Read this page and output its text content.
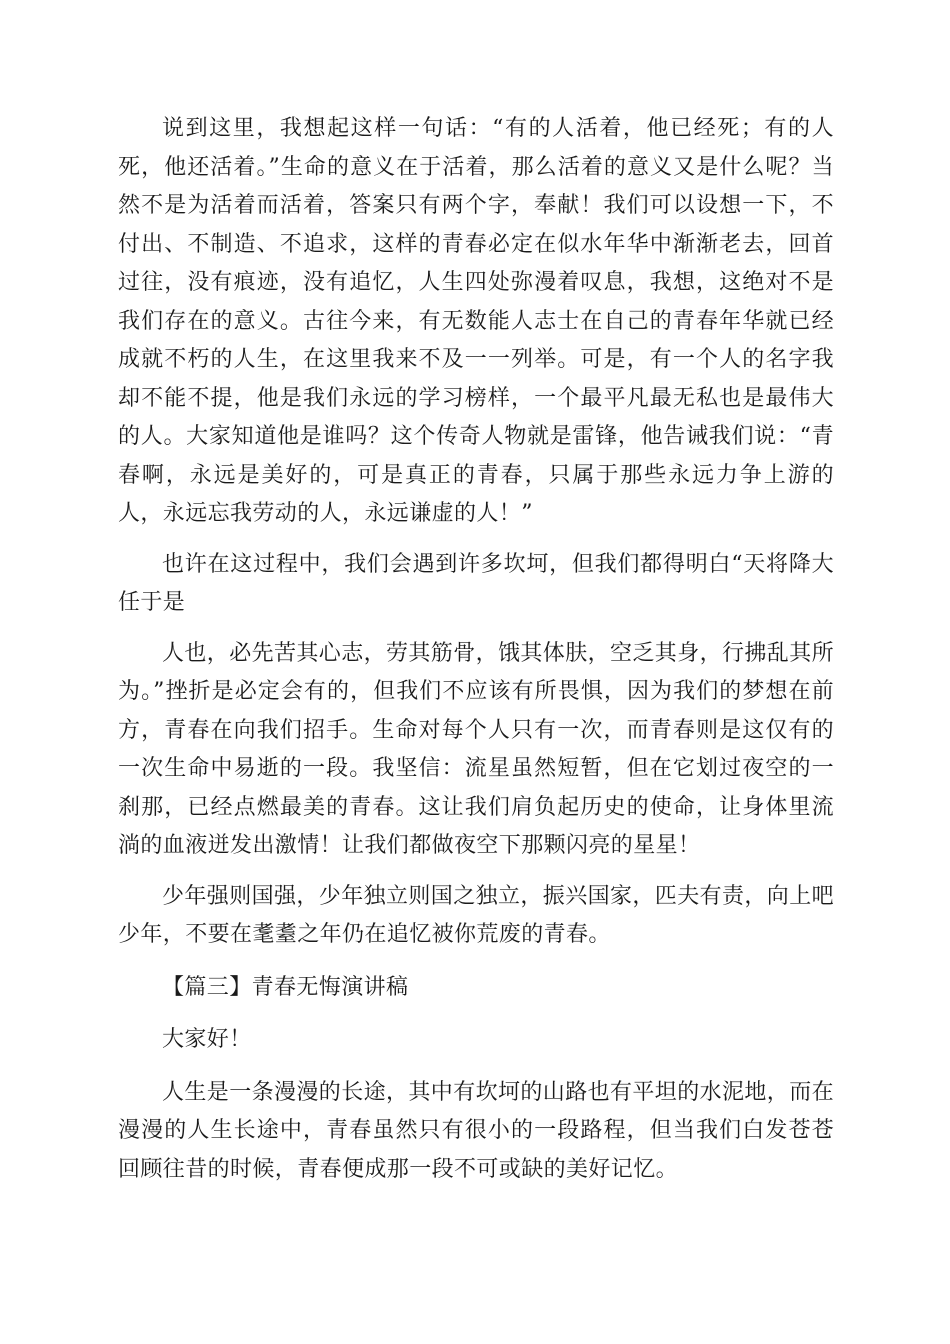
说到这里，我想起这样一句话：“有的人活着，他已经死；有的人死，他还活着。”生命的意义在于活着，那么活着的意义又是什么呢？当然不是为活着而活着，答案只有两个字，奉献！我们可以设想一下，不付出、不制造、不追求，这样的青春必定在似水年华中渐渐老去，回首过往，没有痕迹，没有追忆，人生四处弥漫着叹息，我想，这绝对不是我们存在的意义。古往今来，有无数能人志士在自己的青春年华就已经成就不朽的人生，在这里我来不及一一列举。可是，有一个人的名字我却不能不提，他是我们永远的学习榜样，一个最平凡最无私也是最伟大的人。大家知道他是谁吗？这个传奇人物就是雷锋，他告诫我们说：“青春啊，永远是美好的，可是真正的青春，只属于那些永远力争上游的人，永远忘我劳动的人，永远谦虚的人！”

也许在这过程中，我们会遇到许多坎坷，但我们都得明白“天将降大任于是

人也，必先苦其心志，劳其筋骨，饿其体肤，空乏其身，行拂乱其所为。”挫折是必定会有的，但我们不应该有所畏惧，因为我们的梦想在前方，青春在向我们招手。生命对每个人只有一次，而青春则是这仅有的一次生命中易逝的一段。我坚信：流星虽然短暂，但在它划过夜空的一刹那，已经点燃最美的青春。这让我们肩负起历史的使命，让身体里流淌的血液迸发出激情！让我们都做夜空下那颗闪亮的星星！

少年强则国强，少年独立则国之独立，振兴国家，匹夫有责，向上吧少年，不要在耄耋之年仍在追忆被你荒废的青春。

【篇三】青春无悔演讲稿

大家好！

人生是一条漫漫的长途，其中有坎坷的山路也有平坦的水泥地，而在漫漫的人生长途中，青春虽然只有很小的一段路程，但当我们白发苍苍回顾往昔的时候，青春便成那一段不可或缺的美好记忆。
